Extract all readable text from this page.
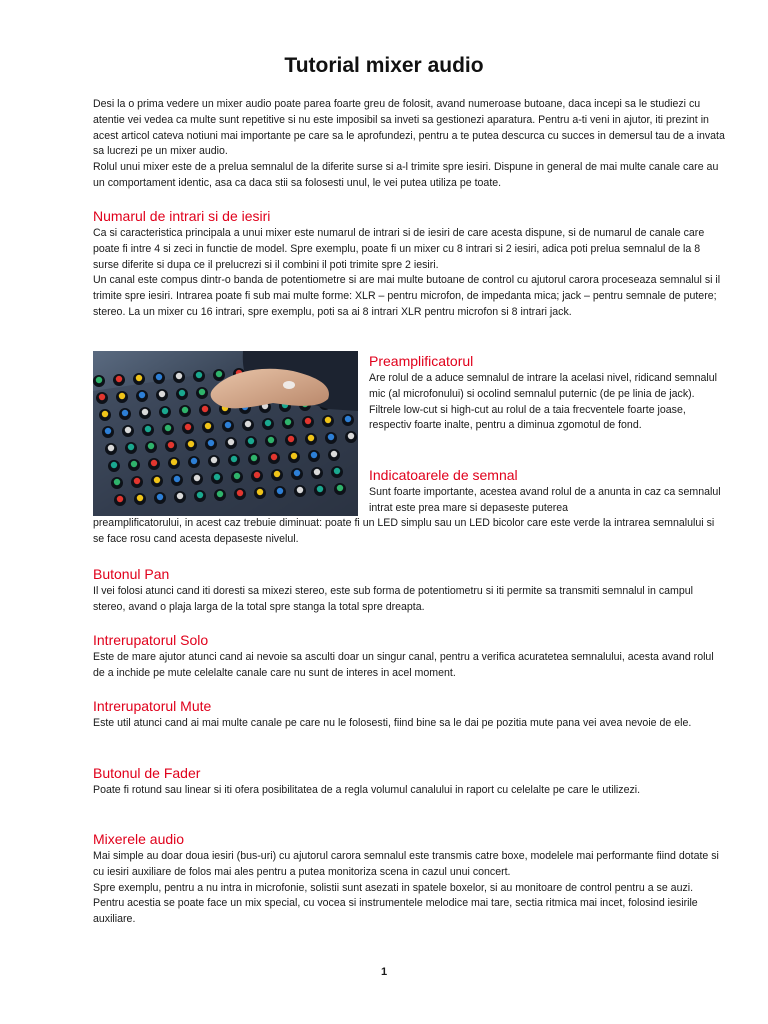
Tutorial mixer audio

Desi la o prima vedere un mixer audio poate parea foarte greu de folosit, avand numeroase butoane, daca incepi sa le studiezi cu atentie vei vedea ca multe sunt repetitive si nu este imposibil sa inveti sa gestionezi aparatura. Pentru a-ti veni in ajutor, iti prezint in acest articol cateva notiuni mai importante pe care sa le aprofundezi, pentru a te putea descurca cu succes in demersul tau de a invata sa lucrezi pe un mixer audio.

Rolul unui mixer este de a prelua semnalul de la diferite surse si a-l trimite spre iesiri. Dispune in general de mai multe canale care au un comportament identic, asa ca daca stii sa folosesti unul, le vei putea utiliza pe toate.

Numarul de intrari si de iesiri

Ca si caracteristica principala a unui mixer este numarul de intrari si de iesiri de care acesta dispune, si de numarul de canale care poate fi intre 4 si zeci in functie de model. Spre exemplu, poate fi un mixer cu 8 intrari si 2 iesiri, adica poti prelua semnalul de la 8 surse diferite si dupa ce il prelucrezi si il combini il poti trimite spre 2 iesiri.

Un canal este compus dintr-o banda de potentiometre si are mai multe butoane de control cu ajutorul carora proceseaza semnalul si il trimite spre iesiri. Intrarea poate fi sub mai multe forme: XLR – pentru microfon, de impedanta mica; jack – pentru semnale de putere; stereo. La un mixer cu 16 intrari, spre exemplu, poti sa ai 8 intrari XLR pentru microfon si 8 intrari jack.

Preamplificatorul

Are rolul de a aduce semnalul de intrare la acelasi nivel, ridicand semnalul mic (al microfonului) si ocolind semnalul puternic (de pe linia de jack). Filtrele low-cut si high-cut au rolul de a taia frecventele foarte joase, respectiv foarte inalte, pentru a diminua zgomotul de fond.

Indicatoarele de semnal

Sunt foarte importante, acestea avand rolul de a anunta in caz ca semnalul intrat este prea mare si depaseste puterea

preamplificatorului, in acest caz trebuie diminuat: poate fi un LED simplu sau un LED bicolor care este verde la intrarea semnalului si se face rosu cand acesta depaseste nivelul.

Butonul Pan

Il vei folosi atunci cand iti doresti sa mixezi stereo, este sub forma de potentiometru si iti permite sa transmiti semnalul in campul stereo, avand o plaja larga de la total spre stanga la total spre dreapta.

Intrerupatorul Solo

Este de mare ajutor atunci cand ai nevoie sa asculti doar un singur canal, pentru a verifica acuratetea semnalului, acesta avand rolul de a inchide pe mute celelalte canale care nu sunt de interes in acel moment.

Intrerupatorul Mute

Este util atunci cand ai mai multe canale pe care nu le folosesti, fiind bine sa le dai pe pozitia mute pana vei avea nevoie de ele.

Butonul de Fader

Poate fi rotund sau linear si iti ofera posibilitatea de a regla volumul canalului in raport cu celelalte pe care le utilizezi.

Mixerele audio

Mai simple au doar doua iesiri (bus-uri) cu ajutorul carora semnalul este transmis catre boxe, modelele mai performante fiind dotate si cu iesiri auxiliare de folos mai ales pentru a putea monitoriza scena in cazul unui concert.

Spre exemplu, pentru a nu intra in microfonie, solistii sunt asezati in spatele boxelor, si au monitoare de control pentru a se auzi. Pentru acestia se poate face un mix special, cu vocea si instrumentele melodice mai tare, sectia ritmica mai incet, folosind iesirile auxiliare.

1
